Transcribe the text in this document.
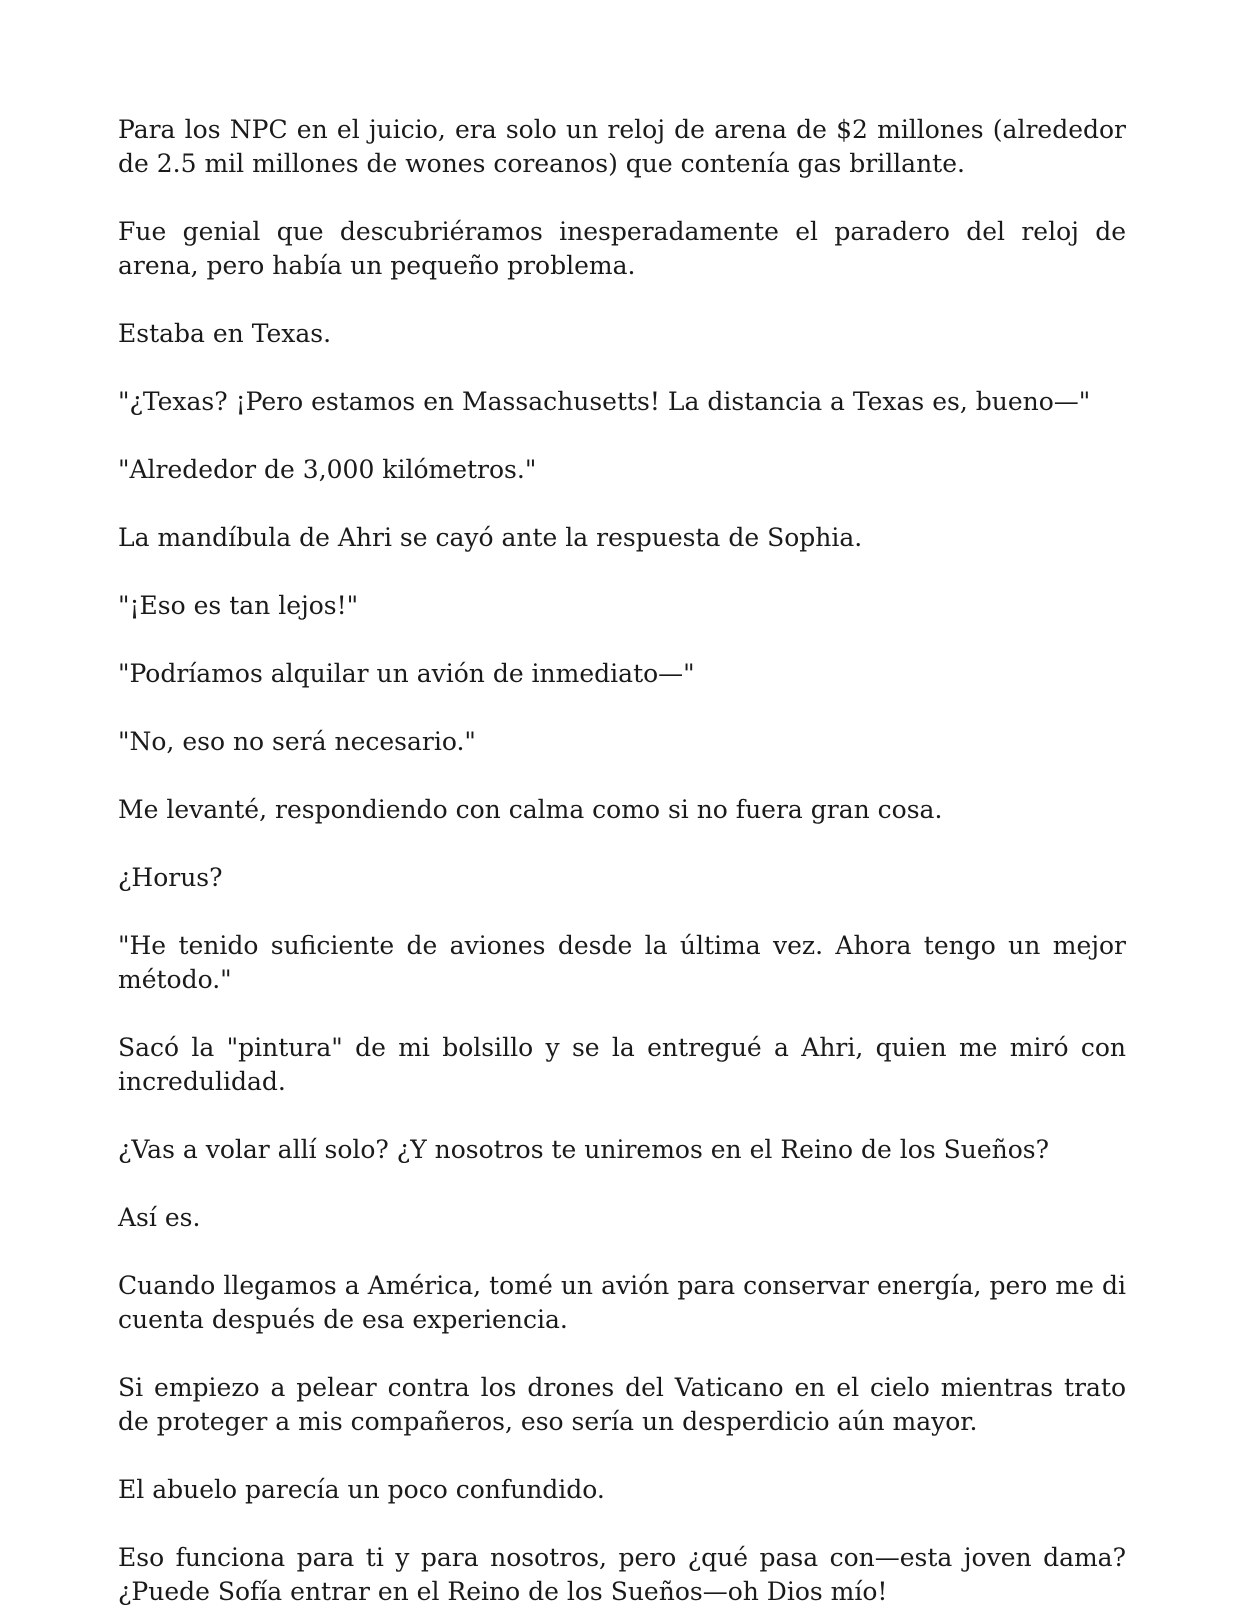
Para los NPC en el juicio, era solo un reloj de arena de $2 millones (alrededor de 2.5 mil millones de wones coreanos) que contenía gas brillante.

Fue genial que descubriéramos inesperadamente el paradero del reloj de arena, pero había un pequeño problema.

Estaba en Texas.

"¿Texas? ¡Pero estamos en Massachusetts! La distancia a Texas es, bueno—"

"Alrededor de 3,000 kilómetros."

La mandíbula de Ahri se cayó ante la respuesta de Sophia.

"¡Eso es tan lejos!"

"Podríamos alquilar un avión de inmediato—"

"No, eso no será necesario."

Me levanté, respondiendo con calma como si no fuera gran cosa.

¿Horus?

"He tenido suficiente de aviones desde la última vez. Ahora tengo un mejor método."

Sacó la "pintura" de mi bolsillo y se la entregué a Ahri, quien me miró con incredulidad.

¿Vas a volar allí solo? ¿Y nosotros te uniremos en el Reino de los Sueños?

Así es.

Cuando llegamos a América, tomé un avión para conservar energía, pero me di cuenta después de esa experiencia.

Si empiezo a pelear contra los drones del Vaticano en el cielo mientras trato de proteger a mis compañeros, eso sería un desperdicio aún mayor.

El abuelo parecía un poco confundido.

Eso funciona para ti y para nosotros, pero ¿qué pasa con—esta joven dama? ¿Puede Sofía entrar en el Reino de los Sueños—oh Dios mío!
